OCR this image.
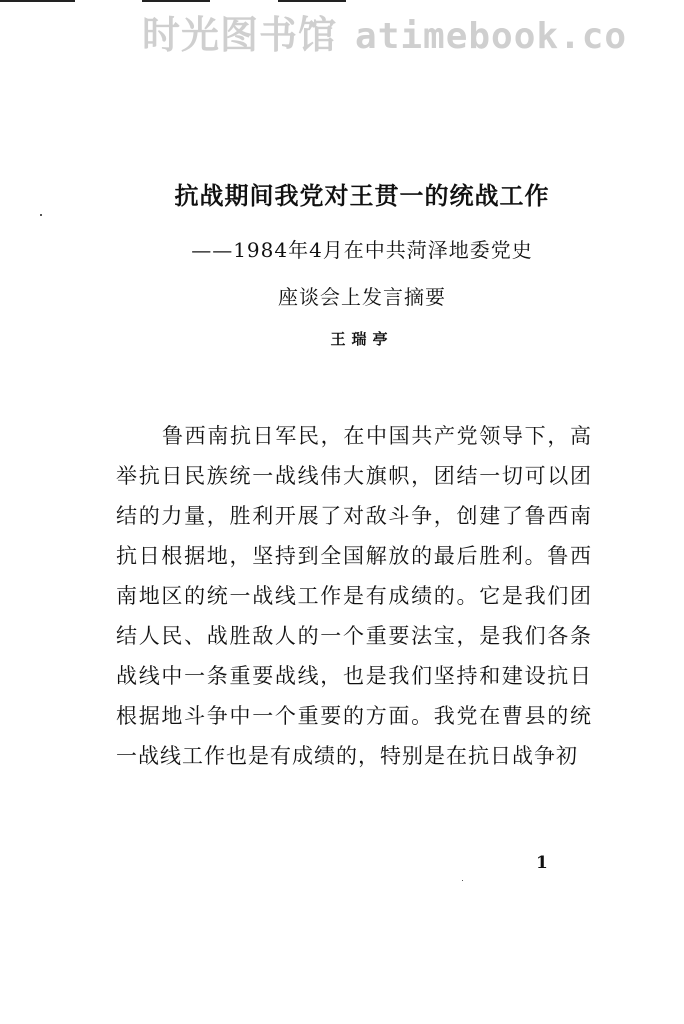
时光图书馆 atimebook.co
抗战期间我党对王贯一的统战工作
——1984年4月在中共菏泽地委党史
座谈会上发言摘要
王瑞亭

鲁西南抗日军民，在中国共产党领导下，高举抗日民族统一战线伟大旗帜，团结一切可以团结的力量，胜利开展了对敌斗争，创建了鲁西南抗日根据地，坚持到全国解放的最后胜利。鲁西南地区的统一战线工作是有成绩的。它是我们团结人民、战胜敌人的一个重要法宝，是我们各条战线中一条重要战线，也是我们坚持和建设抗日根据地斗争中一个重要的方面。我党在曹县的统一战线工作也是有成绩的，特别是在抗日战争初

1
